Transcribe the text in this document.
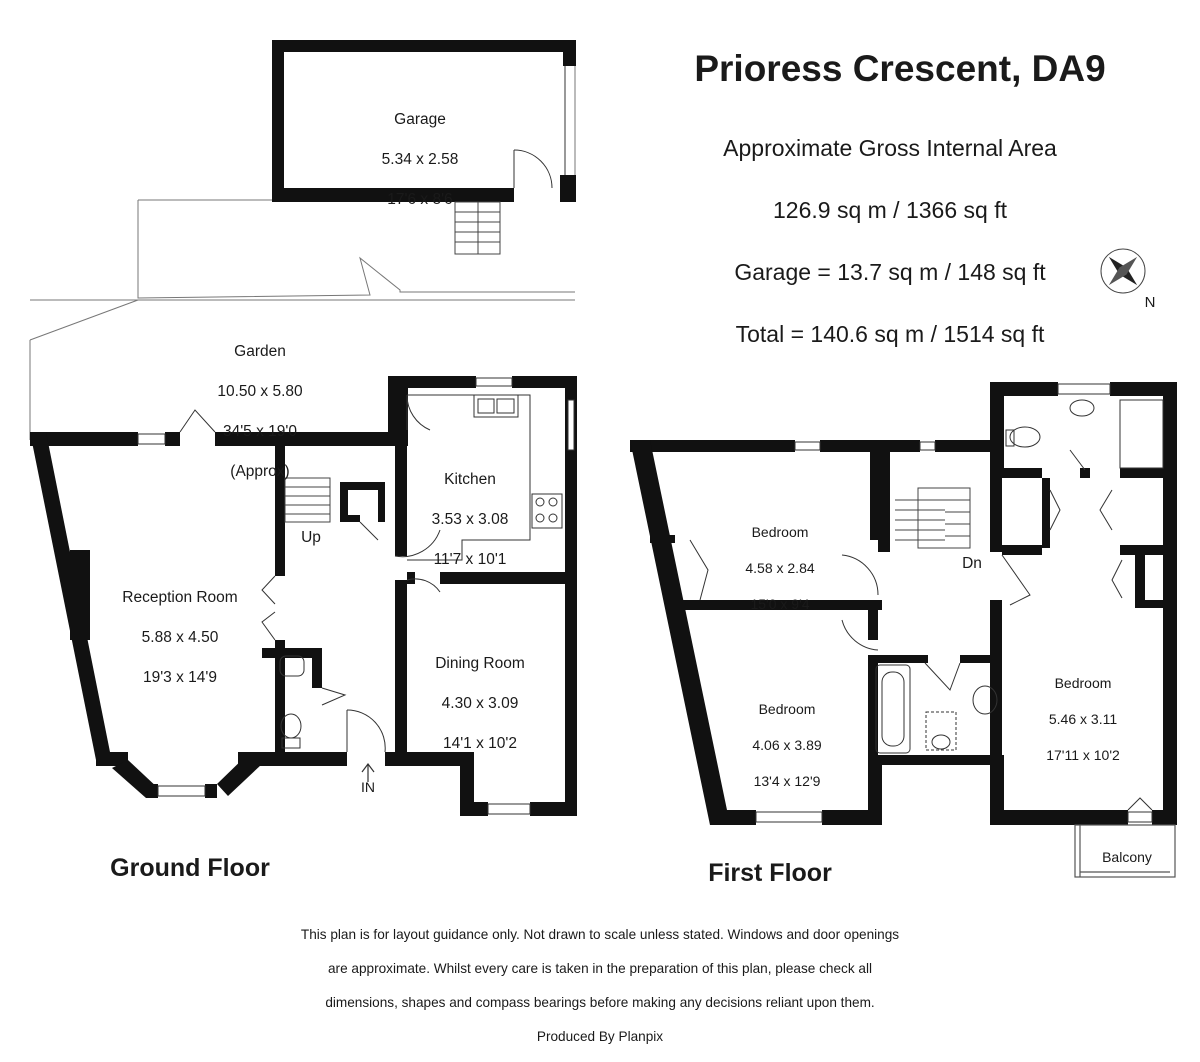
Prioress Crescent, DA9

Approximate Gross Internal Area

126.9 sq m / 1366 sq ft

Garage = 13.7 sq m / 148 sq ft

Total = 140.6 sq m / 1514 sq ft

N

Garage

5.34 x 2.58

17'6 x 8'6

Garden

10.50 x 5.80

34'5 x 19'0

(Approx)	Kitchen

3.53 x 3.08

11'7 x 10'1

Reception Room

5.88 x 4.50

19'3 x 14'9

Dining Room

4.30 x 3.09

14'1 x 10'2

Up
IN

Bedroom

4.58 x 2.84

15'0 x 9'4

Bedroom

4.06 x 3.89

13'4 x 12'9

Bedroom

5.46 x 3.11

17'11 x 10'2

Dn
Balcony
Ground Floor	First Floor

This plan is for layout guidance only. Not drawn to scale unless stated. Windows and door openings

are approximate. Whilst every care is taken in the preparation of this plan, please check all

dimensions, shapes and compass bearings before making any decisions reliant upon them.

Produced By Planpix
